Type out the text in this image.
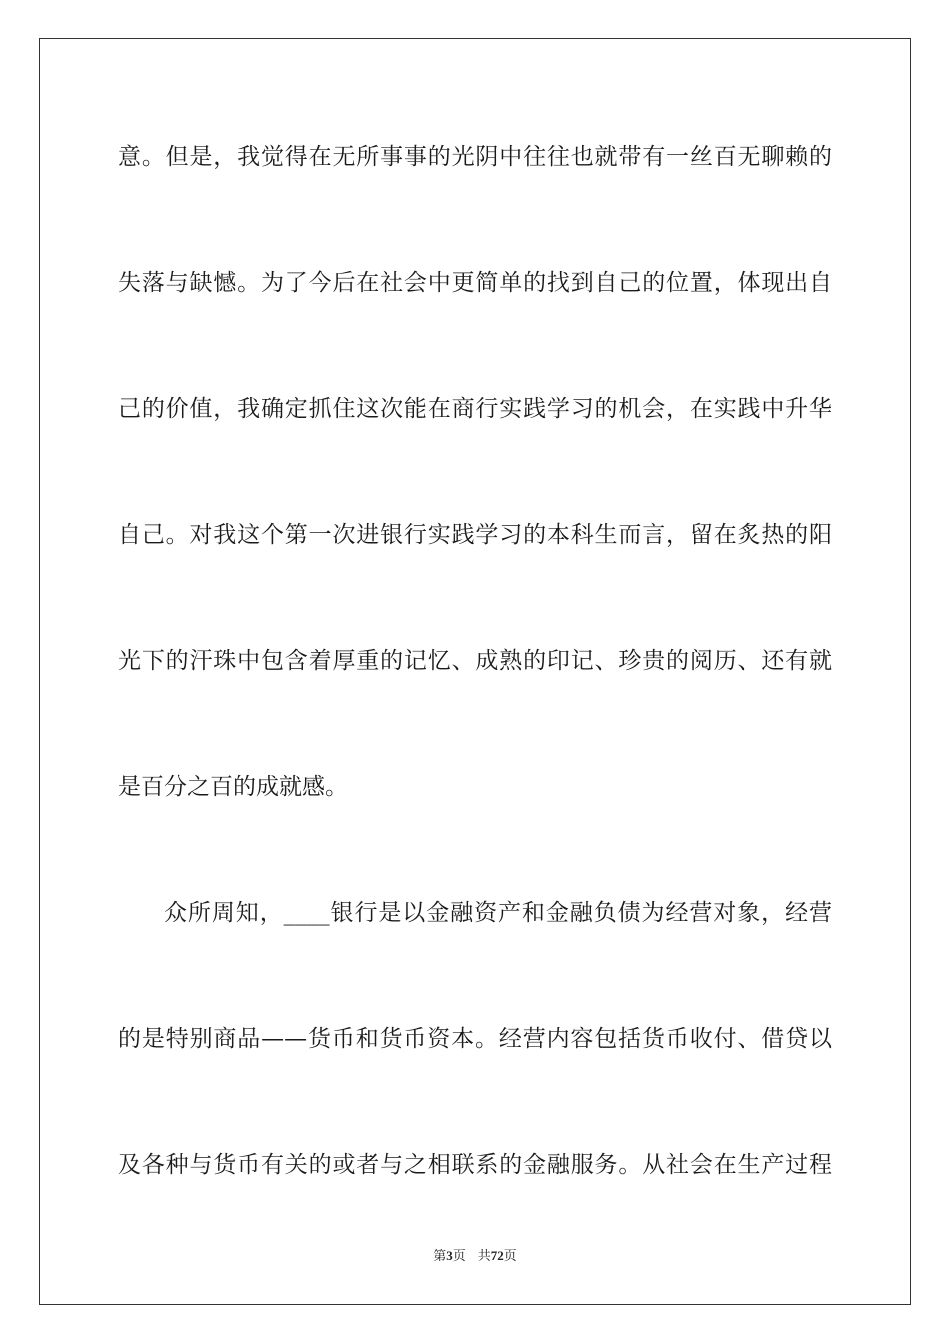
意。但是，我觉得在无所事事的光阴中往往也就带有一丝百无聊赖的
失落与缺憾。为了今后在社会中更简单的找到自己的位置，体现出自
己的价值，我确定抓住这次能在商行实践学习的机会，在实践中升华
自己。对我这个第一次进银行实践学习的本科生而言，留在炙热的阳
光下的汗珠中包含着厚重的记忆、成熟的印记、珍贵的阅历、还有就
是百分之百的成就感。
众所周知，____银行是以金融资产和金融负债为经营对象，经营
的是特别商品——货币和货币资本。经营内容包括货币收付、借贷以
及各种与货币有关的或者与之相联系的金融服务。从社会在生产过程
第3页 共72页
